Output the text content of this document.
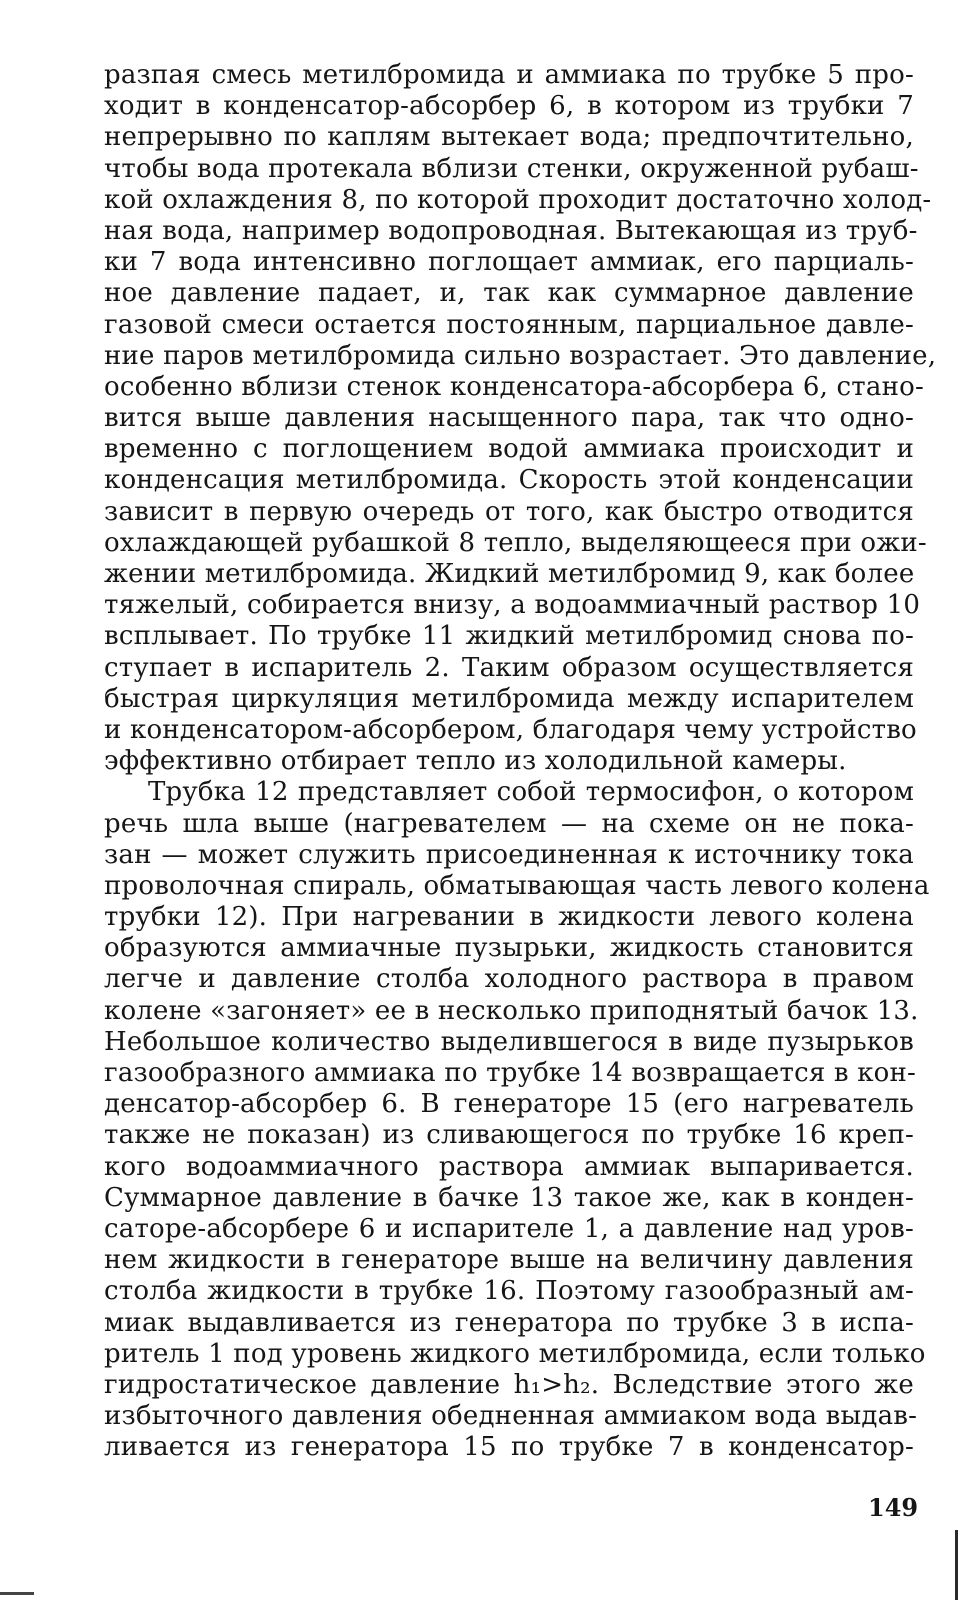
разпая смесь метилбромида и аммиака по трубке 5 про-
ходит в конденсатор-абсорбер 6, в котором из трубки 7
непрерывно по каплям вытекает вода; предпочтительно,
чтобы вода протекала вблизи стенки, окруженной рубаш-
кой охлаждения 8, по которой проходит достаточно холод-
ная вода, например водопроводная. Вытекающая из труб-
ки 7 вода интенсивно поглощает аммиак, его парциаль-
ное давление падает, и, так как суммарное давление
газовой смеси остается постоянным, парциальное давле-
ние паров метилбромида сильно возрастает. Это давление,
особенно вблизи стенок конденсатора-абсорбера 6, стано-
вится выше давления насыщенного пара, так что одно-
временно с поглощением водой аммиака происходит и
конденсация метилбромида. Скорость этой конденсации
зависит в первую очередь от того, как быстро отводится
охлаждающей рубашкой 8 тепло, выделяющееся при ожи-
жении метилбромида. Жидкий метилбромид 9, как более
тяжелый, собирается внизу, а водоаммиачный раствор 10
всплывает. По трубке 11 жидкий метилбромид снова по-
ступает в испаритель 2. Таким образом осуществляется
быстрая циркуляция метилбромида между испарителем
и конденсатором-абсорбером, благодаря чему устройство
эффективно отбирает тепло из холодильной камеры.
Трубка 12 представляет собой термосифон, о котором
речь шла выше (нагревателем — на схеме он не пока-
зан — может служить присоединенная к источнику тока
проволочная спираль, обматывающая часть левого колена
трубки 12). При нагревании в жидкости левого колена
образуются аммиачные пузырьки, жидкость становится
легче и давление столба холодного раствора в правом
колене «загоняет» ее в несколько приподнятый бачок 13.
Небольшое количество выделившегося в виде пузырьков
газообразного аммиака по трубке 14 возвращается в кон-
денсатор-абсорбер 6. В генераторе 15 (его нагреватель
также не показан) из сливающегося по трубке 16 креп-
кого водоаммиачного раствора аммиак выпаривается.
Суммарное давление в бачке 13 такое же, как в конден-
саторе-абсорбере 6 и испарителе 1, а давление над уров-
нем жидкости в генераторе выше на величину давления
столба жидкости в трубке 16. Поэтому газообразный ам-
миак выдавливается из генератора по трубке 3 в испа-
ритель 1 под уровень жидкого метилбромида, если только
гидростатическое давление h₁>h₂. Вследствие этого же
избыточного давления обедненная аммиаком вода выдав-
ливается из генератора 15 по трубке 7 в конденсатор-
149
